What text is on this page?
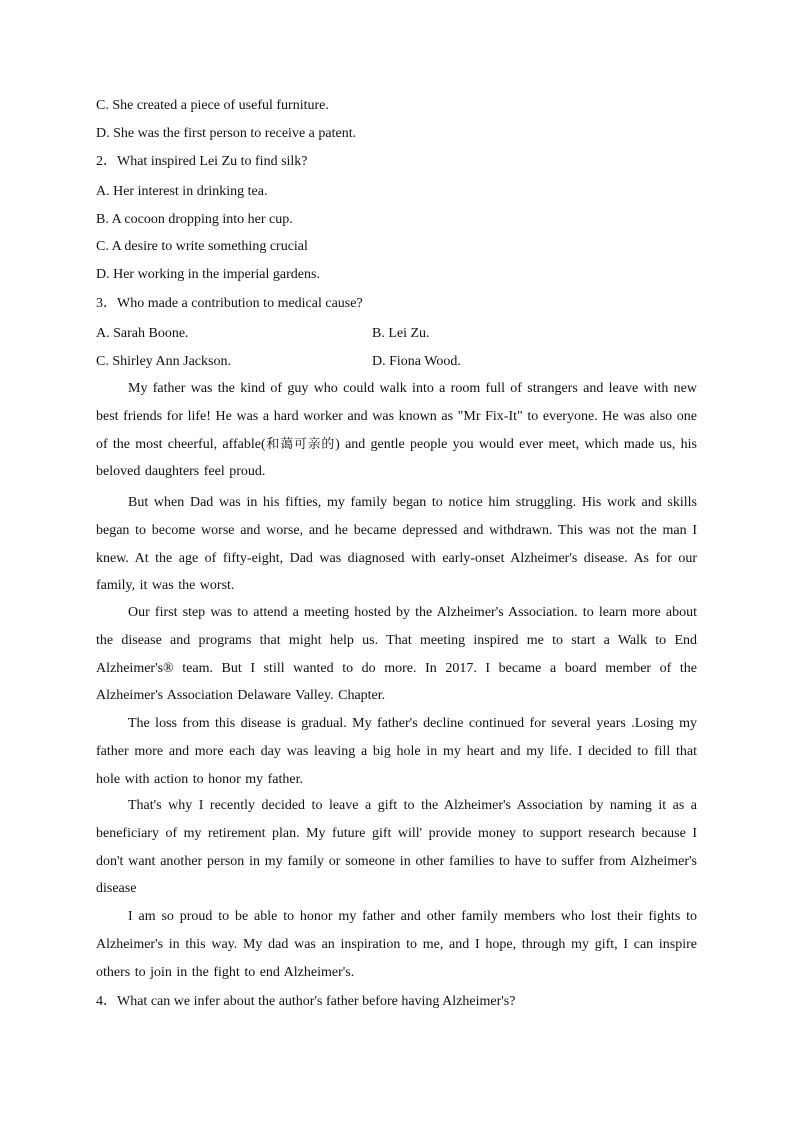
C. She created a piece of useful furniture.

D. She was the first person to receive a patent.

2．What inspired Lei Zu to find silk?

A. Her interest in drinking tea.

B. A cocoon dropping into her cup.

C. A desire to write something crucial

D. Her working in the imperial gardens.

3．Who made a contribution to medical cause?

A. Sarah Boone.	B. Lei Zu.

C. Shirley Ann Jackson.	D. Fiona Wood.

My father was the kind of guy who could walk into a room full of strangers and leave with new best friends for life! He was a hard worker and was known as "Mr Fix-It" to everyone. He was also one of the most cheerful, affable(和蔼可亲的) and gentle people you would ever meet, which made us, his beloved daughters feel proud.

But when Dad was in his fifties, my family began to notice him struggling. His work and skills began to become worse and worse, and he became depressed and withdrawn. This was not the man I knew. At the age of fifty-eight, Dad was diagnosed with early-onset Alzheimer's disease. As for our family, it was the worst.

Our first step was to attend a meeting hosted by the Alzheimer's Association. to learn more about the disease and programs that might help us. That meeting inspired me to start a Walk to End Alzheimer's® team. But I still wanted to do more. In 2017. I became a board member of the Alzheimer's Association Delaware Valley. Chapter.

The loss from this disease is gradual. My father's decline continued for several years .Losing my father more and more each day was leaving a big hole in my heart and my life. I decided to fill that hole with action to honor my father.

That's why I recently decided to leave a gift to the Alzheimer's Association by naming it as a beneficiary of my retirement plan. My future gift will' provide money to support research because I don't want another person in my family or someone in other families to have to suffer from Alzheimer's disease

I am so proud to be able to honor my father and other family members who lost their fights to Alzheimer's in this way. My dad was an inspiration to me, and I hope, through my gift, I can inspire others to join in the fight to end Alzheimer's.

4．What can we infer about the author's father before having Alzheimer's?
